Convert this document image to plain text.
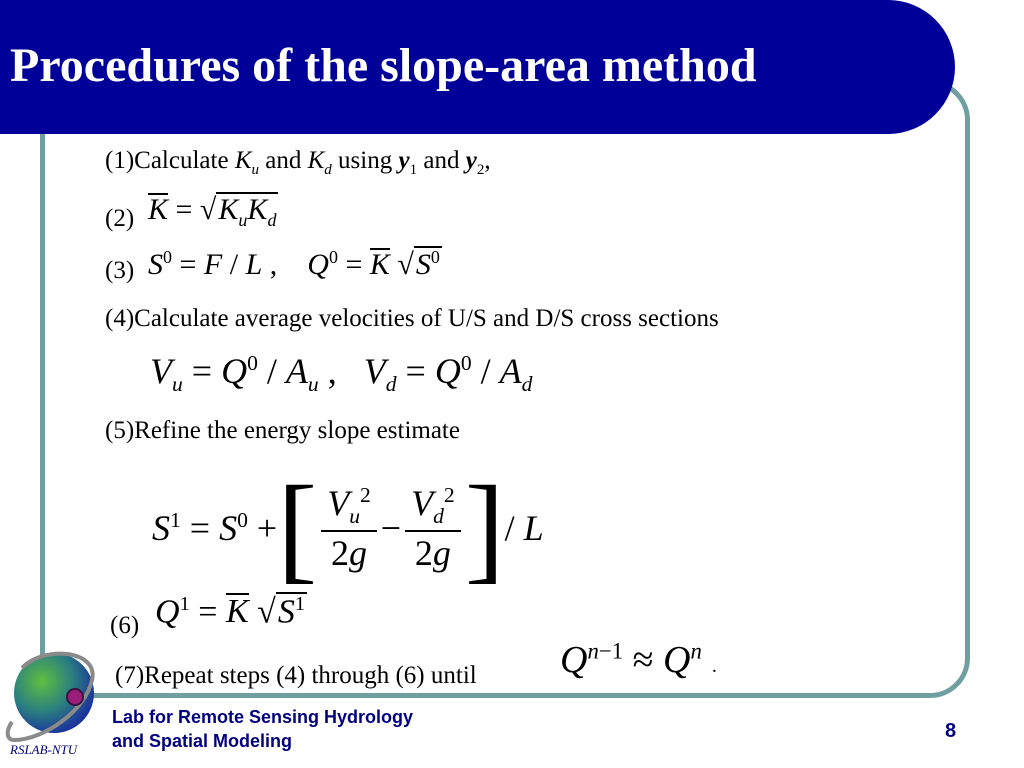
Procedures of the slope-area method
(1)Calculate $K_u$ and $K_d$ using $y_1$ and $y_2$,
(2) $K = √K_uK_d$
(3) $S^0 = F / L$ ,    $Q^0 = K$ $√S^0$
(4)Calculate average velocities of U/S and D/S cross sections
$V_u = Q^0 / A_u$ ,   $V_d = Q^0 / A_d$
(5)Refine the energy slope estimate
$S^1 = S^0$ +[ $\frac{V_u^2}{2g} - \frac{V_d^2}{2g}$ ]/ L
(6) $Q^1 = K$ $√S^1$
(7)Repeat steps (4) through (6) until $Q^{n-1} \approx Q^n$  .
RSLAB-NTU
Lab for Remote Sensing Hydrology
and Spatial Modeling	8
